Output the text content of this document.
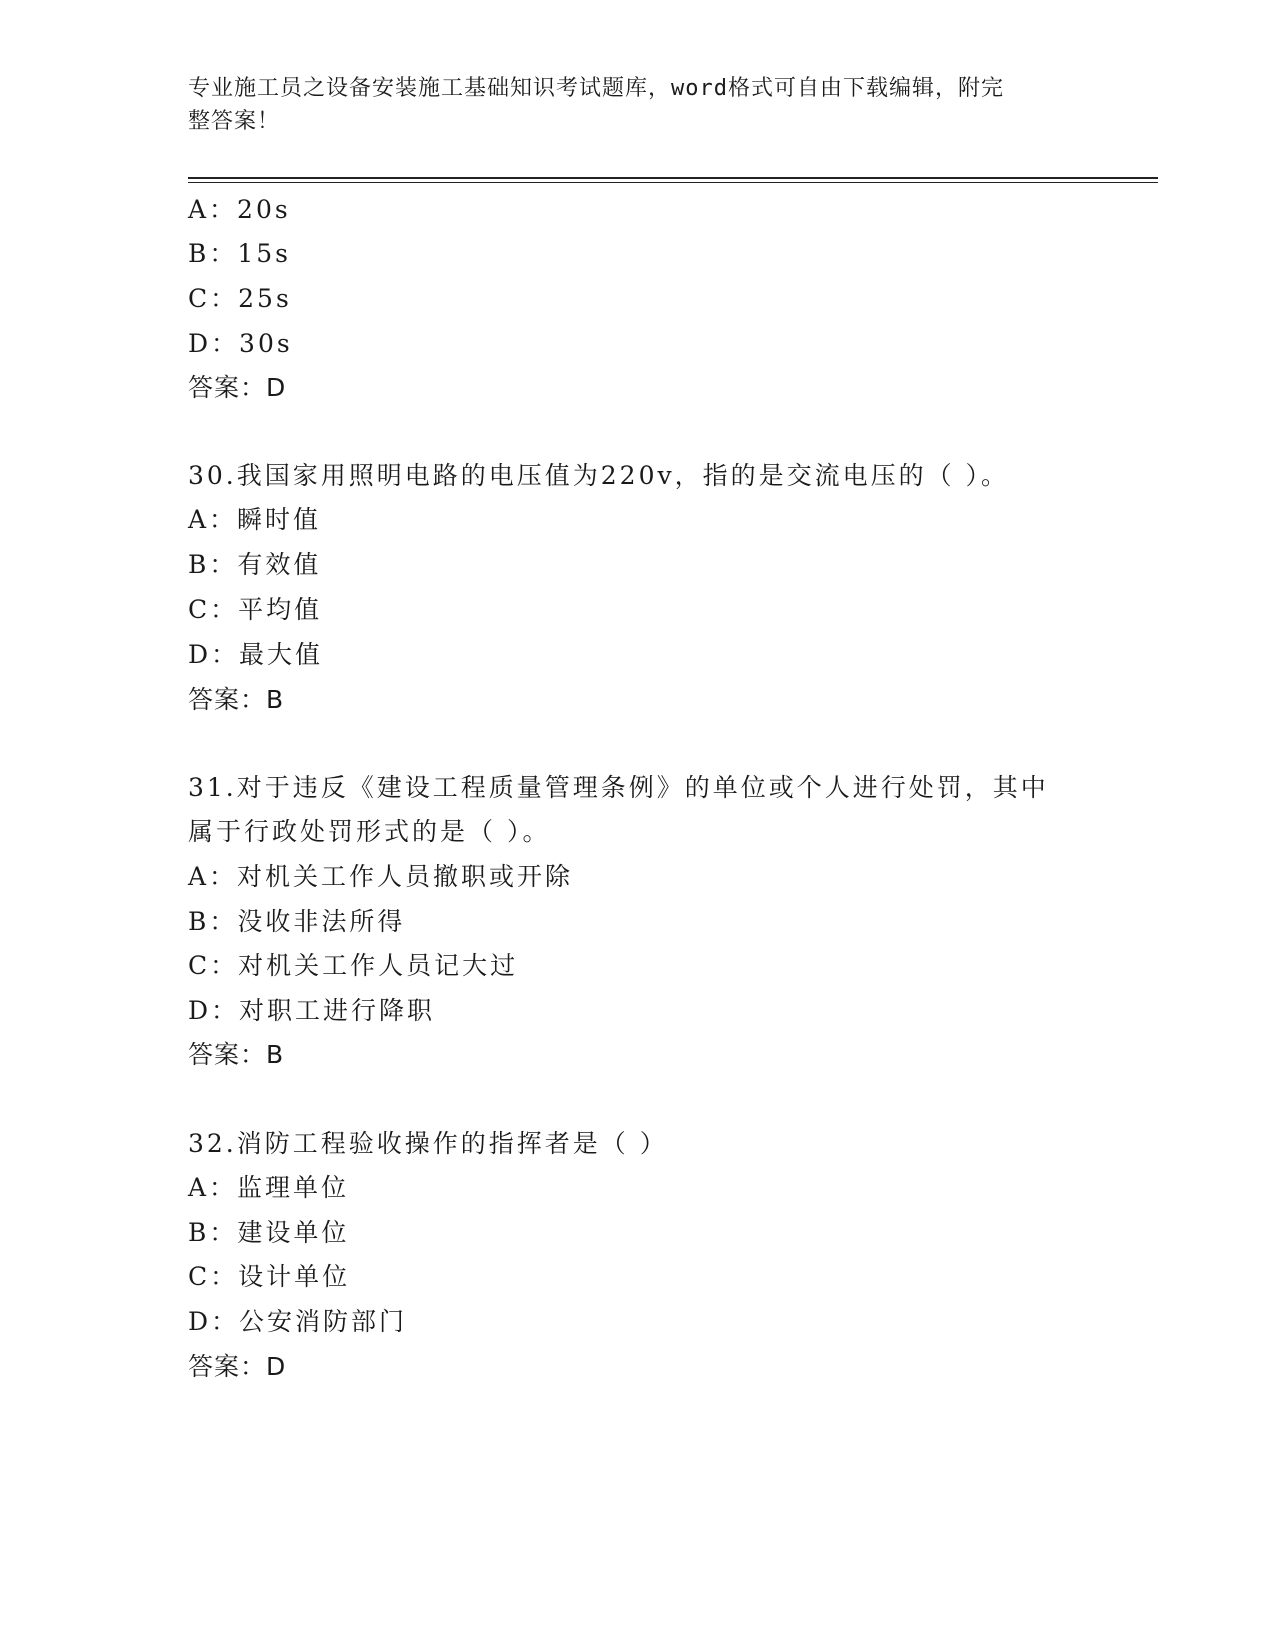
专业施工员之设备安装施工基础知识考试题库，word格式可自由下载编辑，附完
整答案！
A：20s
B：15s
C：25s
D：30s
答案：D
30.我国家用照明电路的电压值为220v，指的是交流电压的（ ）。
A：瞬时值
B：有效值
C：平均值
D：最大值
答案：B
31.对于违反《建设工程质量管理条例》的单位或个人进行处罚，其中
属于行政处罚形式的是（ ）。
A：对机关工作人员撤职或开除
B：没收非法所得
C：对机关工作人员记大过
D：对职工进行降职
答案：B
32.消防工程验收操作的指挥者是（ ）
A：监理单位
B：建设单位
C：设计单位
D：公安消防部门
答案：D
